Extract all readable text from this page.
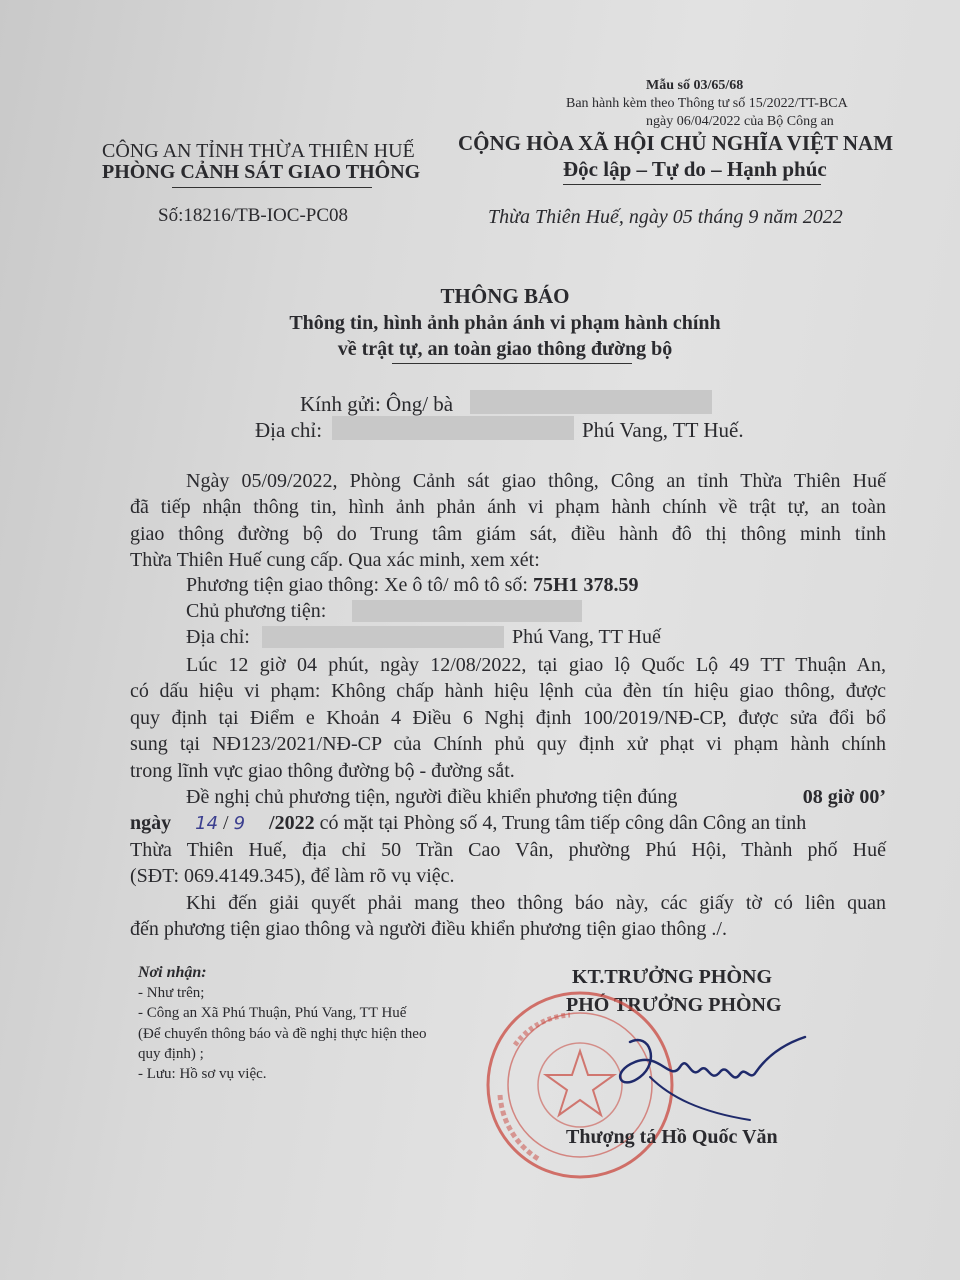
Mẫu số 03/65/68
Ban hành kèm theo Thông tư số 15/2022/TT-BCA
ngày 06/04/2022 của Bộ Công an
CÔNG AN TỈNH THỪA THIÊN HUẾ
PHÒNG CẢNH SÁT GIAO THÔNG
Số:18216/TB-IOC-PC08
CỘNG HÒA XÃ HỘI CHỦ NGHĨA VIỆT NAM
Độc lập – Tự do – Hạnh phúc
Thừa Thiên Huế, ngày 05 tháng 9 năm 2022
THÔNG BÁO
Thông tin, hình ảnh phản ánh vi phạm hành chính
về trật tự, an toàn giao thông đường bộ
Kính gửi: Ông/ bà
Địa chỉ:	Phú Vang, TT Huế.
Ngày 05/09/2022, Phòng Cảnh sát giao thông, Công an tỉnh Thừa Thiên Huế
đã tiếp nhận thông tin, hình ảnh phản ánh vi phạm hành chính về trật tự, an toàn
giao thông đường bộ do Trung tâm giám sát, điều hành đô thị thông minh tỉnh
Thừa Thiên Huế cung cấp. Qua xác minh, xem xét:
Phương tiện giao thông: Xe ô tô/ mô tô số: 75H1 378.59
Chủ phương tiện:
Địa chỉ:	Phú Vang, TT Huế
Lúc 12 giờ 04 phút, ngày 12/08/2022, tại giao lộ Quốc Lộ 49 TT Thuận An,
có dấu hiệu vi phạm: Không chấp hành hiệu lệnh của đèn tín hiệu giao thông, được
quy định tại Điểm e Khoản 4 Điều 6 Nghị định 100/2019/NĐ-CP, được sửa đổi bổ
sung tại NĐ123/2021/NĐ-CP của Chính phủ quy định xử phạt vi phạm hành chính
trong lĩnh vực giao thông đường bộ - đường sắt.
Đề nghị chủ phương tiện, người điều khiển phương tiện đúng	08 giờ 00’
ngày 14 / 9 /2022 có mặt tại Phòng số 4, Trung tâm tiếp công dân Công an tỉnh
Thừa Thiên Huế, địa chỉ 50 Trần Cao Vân, phường Phú Hội, Thành phố Huế
(SĐT: 069.4149.345), để làm rõ vụ việc.
Khi đến giải quyết phải mang theo thông báo này, các giấy tờ có liên quan
đến phương tiện giao thông và người điều khiển phương tiện giao thông ./.
Nơi nhận:
- Như trên;
- Công an Xã Phú Thuận, Phú Vang, TT Huế
(Để chuyển thông báo và đề nghị thực hiện theo
quy định) ;
- Lưu: Hồ sơ vụ việc.
KT.TRƯỞNG PHÒNG
PHÓ TRƯỞNG PHÒNG
Thượng tá Hồ Quốc Văn
